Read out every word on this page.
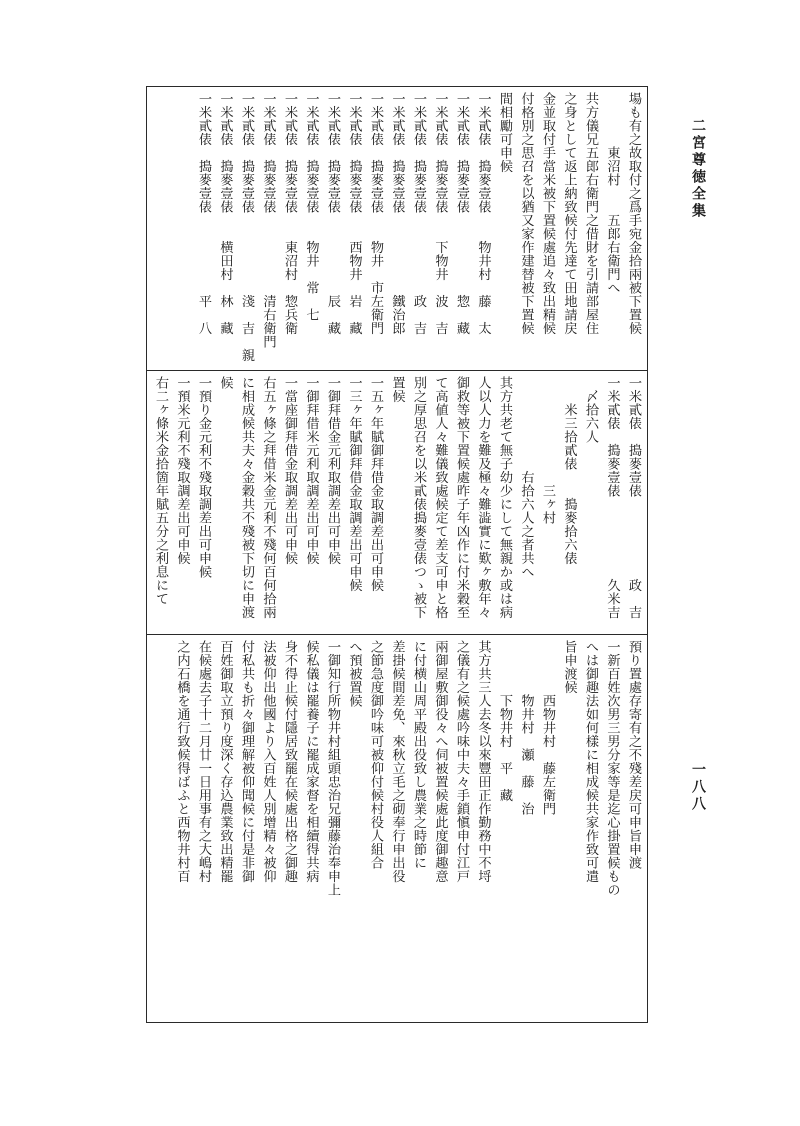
二宮尊徳全集
一八八
場も有之故取付之爲手宛金拾兩被下置候
　　　　東沼村　　五郎右衛門へ
共方儀兄五郎右衛門之借財を引請部屋住
之身として返上納致候付先達て田地請戻
金並取付手當米被下置候處追々致出精候
付格別之思召を以猶又家作建替被下置候
間相勵可申候
一米貳俵　搗麥壹俵　　物井村　藤　太
一米貳俵　搗麥壹俵　　　　　　惣　藏
一米貳俵　搗麥壹俵　　下物井　波　吉
一米貳俵　搗麥壹俵　　　　　　政　吉
一米貳俵　搗麥壹俵　　　　　　鐵治郎
一米貳俵　搗麥壹俵　　物井　市左衛門
一米貳俵　搗麥壹俵　　西物井　岩　藏
一米貳俵　搗麥壹俵　　　　　　辰　藏
一米貳俵　搗麥壹俵　　物井　常　七
一米貳俵　搗麥壹俵　　東沼村　惣兵衛
一米貳俵　搗麥壹俵　　　　　　清右衛門
一米貳俵　搗麥壹俵　　　　　　淺　吉　親
一米貳俵　搗麥壹俵　　横田村　林　藏
一米貳俵　搗麥壹俵　　　　　　平　八
一米貳俵　搗麥壹俵　　　　　　政　吉
一米貳俵　搗麥壹俵　　　　　　久米吉
　〆拾六人
　　米三拾貳俵　　搗麥拾六俵
　　　　　　　　三ヶ村
　　　　　　　右拾六人之者共へ
其方共老て無子幼少にして無親か或は病
人以人力を難及極々難澁實に歎ヶ敷年々
御救等被下置候處昨子年凶作に付米穀至
て高値人々難儀致處候定て差支可申と格
別之厚思召を以米貳俵搗麥壹俵つゝ被下
置候
一五ヶ年賦御拜借金取調差出可申候
一三ヶ年賦御拜借金取調差出可申候
一御拜借金元利取調差出可申候
一御拜借米元利取調差出可申候
一當座御拜借金取調差出可申候
右五ヶ條之拜借米金元利不殘何百何拾兩
に相成候共夫々金穀共不殘被下切に申渡候
一預り金元利不殘取調差出可申候
一預米元利不殘取調差出可申候
右二ヶ條米金拾箇年賦五分之利息にて
預り置處存寄有之不殘差戻可申旨申渡
一新百姓次男三男分家等是迄心掛置候もの
へは御趣法如何樣に相成候共家作致可遣
旨申渡候
　　　　西物井村　藤左衛門
　　　　物井村　瀬　藤　治
　　　　下物井村　平　藏
其方共三人去冬以來豐田正作勤務中不埒
之儀有之候處吟味中夫々手鎖愼申付江戸
兩御屋敷御役々へ伺被置候處此度御趣意
に付横山周平殿出役致し農業之時節に
差掛候間差免、來秋立毛之砌奉行申出役
之節急度御吟味可被仰付候村役人組合
へ預被置候
一御知行所物井村組頭忠治兄彌藤治奉申上
候私儀は罷養子に罷成家督を相續得共病
身不得止候付隱居致罷在候處出格之御趣
法被仰出他國より入百姓人別增精々被仰
付私共も折々御理解被仰聞候に付是非御
百姓御取立預り度深く存込農業致出精罷
在候處去子十二月廿一日用事有之大嶋村
之内石橋を通行致候得ばふと西物井村百
